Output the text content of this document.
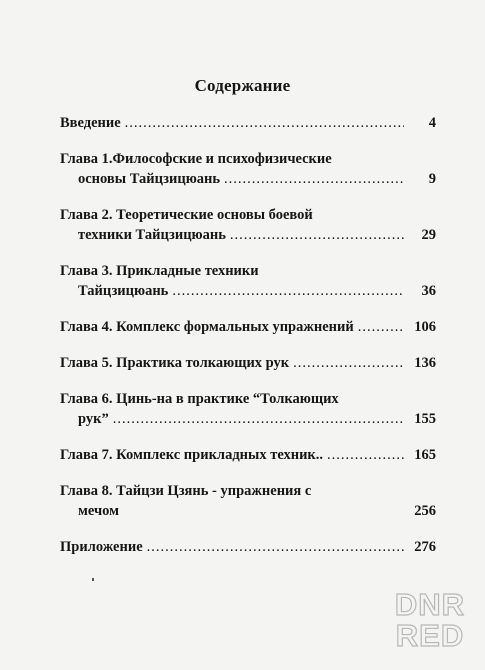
Содержание
Введение .....	4
Глава 1.Философские и психофизические
основы Тайцзицюань .....	9
Глава 2. Теоретические основы боевой
техники Тайцзицюань .....	29
Глава 3. Прикладные техники
Тайцзицюань .....	36
Глава 4. Комплекс формальных упражнений .....	106
Глава 5. Практика толкающих рук .....	136
Глава 6. Цинь-на в практике “Толкающих
рук” .....	155
Глава 7. Комплекс прикладных техник.. .....	165
Глава 8. Тайцзи Цзянь - упражнения с
мечом	256
Приложение .....	276
DNR
RED
